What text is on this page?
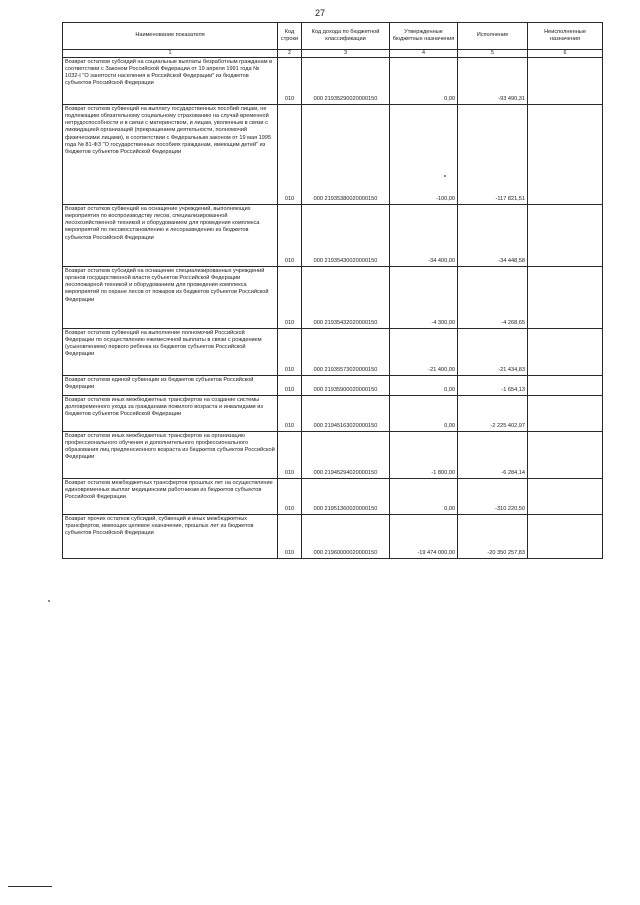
27
Наименование показателя	Код строки	Код дохода по бюджетной классификации	Утвержденные бюджетные назначения	Исполнение	Неисполненные назначения
1	2	3	4	5	6
Возврат остатков субсидий на социальные выплаты безработным гражданам в соответствии с Законом Российской Федерации от 19 апреля 1991 года № 1032-I "О занятости населения в Российской Федерации" из бюджетов субъектов Российской Федерации	010	000 21935290020000150	0,00	-93 490,31	
Возврат остатков субвенций на выплату государственных пособий лицам, не подлежащим обязательному социальному страхованию на случай временной нетрудоспособности и в связи с материнством, и лицам, уволенным в связи с ликвидацией организаций (прекращением деятельности, полномочий физическими лицами), в соответствии с Федеральным законом от 19 мая 1995 года № 81-ФЗ "О государственных пособиях гражданам, имеющим детей" из бюджетов субъектов Российской Федерации	010	000 21935380020000150	-100,00	-117 821,51	
Возврат остатков субвенций на оснащение учреждений, выполняющих мероприятия по воспроизводству лесов, специализированной лесохозяйственной техникой и оборудованием для проведения комплекса мероприятий по лесовосстановлению и лесоразведению из бюджетов субъектов Российской Федерации	010	000 21935430020000150	-34 400,00	-34 448,58	
Возврат остатков субсидий на оснащение специализированных учреждений органов государственной власти субъектов Российской Федерации лесопожарной техникой и оборудованием для проведения комплекса мероприятий по охране лесов от пожаров из бюджетов субъектов Российской Федерации	010	000 21935432020000150	-4 300,00	-4 268,65	
Возврат остатков субвенций на выполнение полномочий Российской Федерации по осуществлению ежемесячной выплаты в связи с рождением (усыновлением) первого ребенка из бюджетов субъектов Российской Федерации	010	000 21935573020000150	-21 400,00	-21 434,83	
Возврат остатков единой субвенции из бюджетов субъектов Российской Федерации	010	000 21935900020000150	0,00	-1 654,13	
Возврат остатков иных межбюджетных трансфертов на создание системы долговременного ухода за гражданами пожилого возраста и инвалидами из бюджетов субъектов Российской Федерации	010	000 21945163020000150	0,00	-2 225 402,97	
Возврат остатков иных межбюджетных трансфертов на организацию профессионального обучения и дополнительного профессионального образования лиц предпенсионного возраста из бюджетов субъектов Российской Федерации	010	000 21945294020000150	-1 800,00	-6 284,14	
Возврат остатков межбюджетных трансфертов прошлых лет на осуществление единовременных выплат медицинским работникам из бюджетов субъектов Российской Федерации	010	000 21951360020000150	0,00	-310 220,50	
Возврат прочих остатков субсидий, субвенций и иных межбюджетных трансфертов, имеющих целевое назначение, прошлых лет из бюджетов субъектов Российской Федерации	010	000 21960000020000150	-19 474 000,00	-20 350 257,83	
